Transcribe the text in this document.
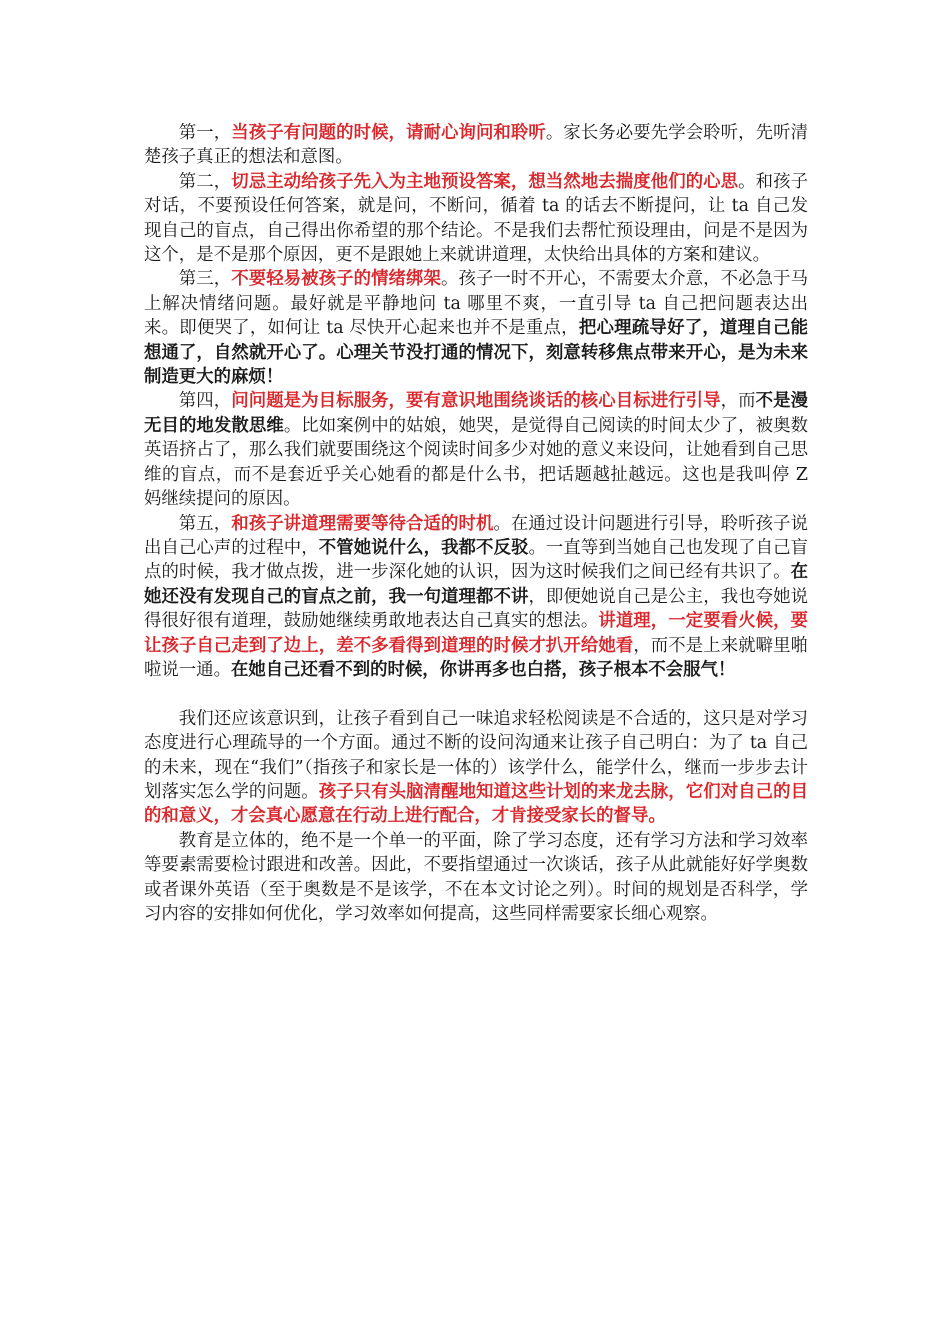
第一，当孩子有问题的时候，请耐心询问和聆听。家长务必要先学会聆听，先听清楚孩子真正的想法和意图。

第二，切忌主动给孩子先入为主地预设答案，想当然地去揣度他们的心思。和孩子对话，不要预设任何答案，就是问，不断问，循着 ta 的话去不断提问，让 ta 自己发现自己的盲点，自己得出你希望的那个结论。不是我们去帮忙预设理由，问是不是因为这个，是不是那个原因，更不是跟她上来就讲道理，太快给出具体的方案和建议。

第三，不要轻易被孩子的情绪绑架。孩子一时不开心，不需要太介意，不必急于马上解决情绪问题。最好就是平静地问 ta 哪里不爽，一直引导 ta 自己把问题表达出来。即便哭了，如何让 ta 尽快开心起来也并不是重点，把心理疏导好了，道理自己能想通了，自然就开心了。心理关节没打通的情况下，刻意转移焦点带来开心，是为未来制造更大的麻烦！

第四，问问题是为目标服务，要有意识地围绕谈话的核心目标进行引导，而不是漫无目的地发散思维。比如案例中的姑娘，她哭，是觉得自己阅读的时间太少了，被奥数英语挤占了，那么我们就要围绕这个阅读时间多少对她的意义来设问，让她看到自己思维的盲点，而不是套近乎关心她看的都是什么书，把话题越扯越远。这也是我叫停 Z 妈继续提问的原因。

第五，和孩子讲道理需要等待合适的时机。在通过设计问题进行引导，聆听孩子说出自己心声的过程中，不管她说什么，我都不反驳。一直等到当她自己也发现了自己盲点的时候，我才做点拨，进一步深化她的认识，因为这时候我们之间已经有共识了。在她还没有发现自己的盲点之前，我一句道理都不讲，即便她说自己是公主，我也夸她说得很好很有道理，鼓励她继续勇敢地表达自己真实的想法。讲道理，一定要看火候，要让孩子自己走到了边上，差不多看得到道理的时候才扒开给她看，而不是上来就噼里啪啦说一通。在她自己还看不到的时候，你讲再多也白搭，孩子根本不会服气！

我们还应该意识到，让孩子看到自己一味追求轻松阅读是不合适的，这只是对学习态度进行心理疏导的一个方面。通过不断的设问沟通来让孩子自己明白：为了 ta 自己的未来，现在“我们”（指孩子和家长是一体的）该学什么，能学什么，继而一步步去计划落实怎么学的问题。孩子只有头脑清醒地知道这些计划的来龙去脉，它们对自己的目的和意义，才会真心愿意在行动上进行配合，才肯接受家长的督导。

教育是立体的，绝不是一个单一的平面，除了学习态度，还有学习方法和学习效率等要素需要检讨跟进和改善。因此，不要指望通过一次谈话，孩子从此就能好好学奥数或者课外英语（至于奥数是不是该学，不在本文讨论之列）。时间的规划是否科学，学习内容的安排如何优化，学习效率如何提高，这些同样需要家长细心观察。
